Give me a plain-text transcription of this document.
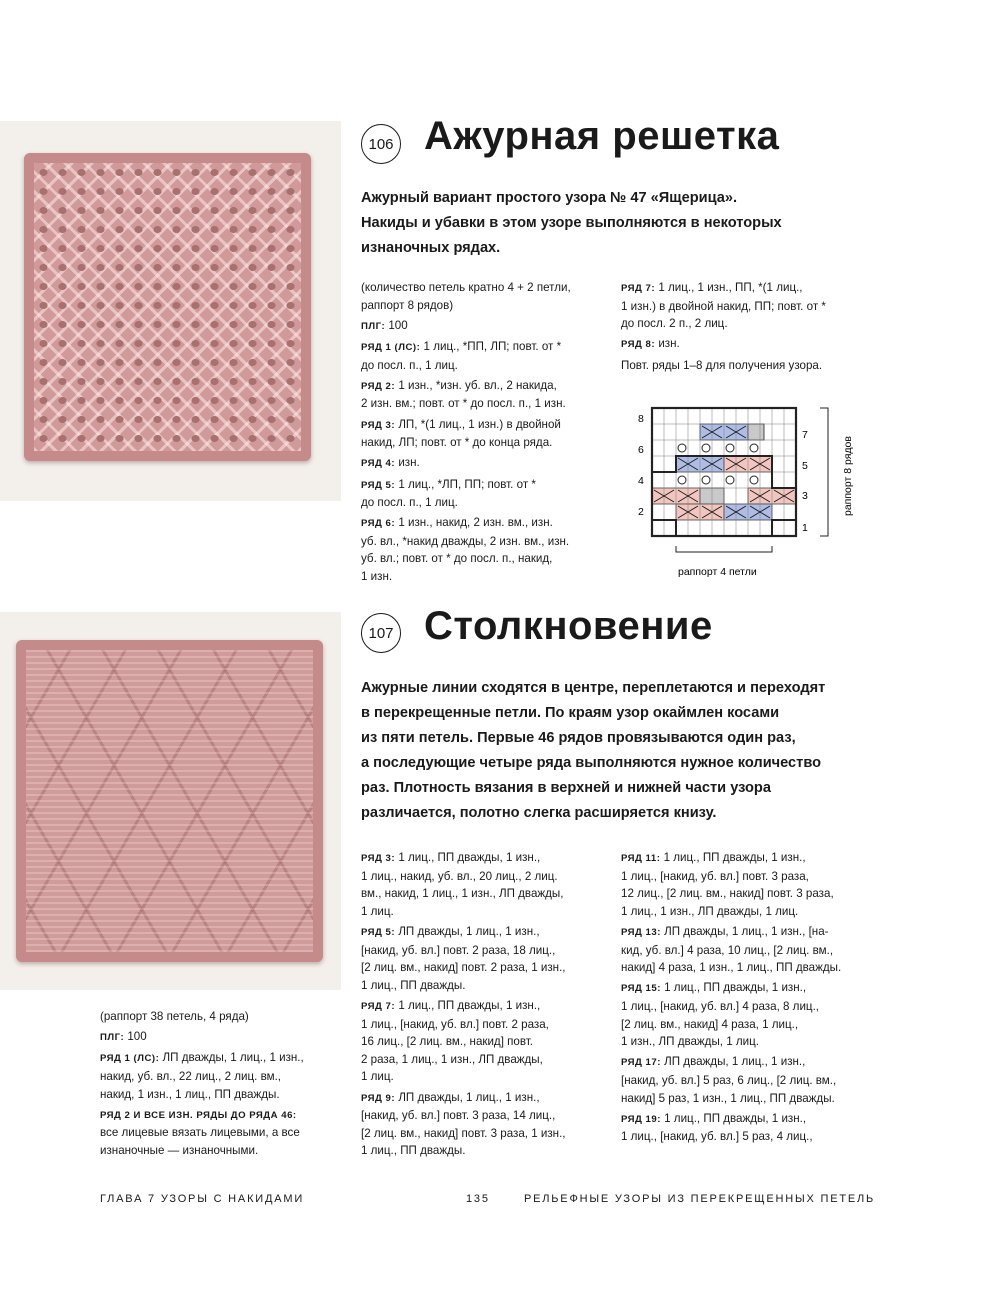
106 Ажурная решетка
Ажурный вариант простого узора № 47 «Ящерица».
Накиды и убавки в этом узоре выполняются в некоторых
изнаночных рядах.

(количество петель кратно 4 + 2 петли,
раппорт 8 рядов)

ПЛГ: 100

РЯД 1 (ЛС): 1 лиц., *ПП, ЛП; повт. от *
до посл. п., 1 лиц.

РЯД 2: 1 изн., *изн. уб. вл., 2 накида,
2 изн. вм.; повт. от * до посл. п., 1 изн.

РЯД 3: ЛП, *(1 лиц., 1 изн.) в двойной
накид, ЛП; повт. от * до конца ряда.

РЯД 4: изн.

РЯД 5: 1 лиц., *ЛП, ПП; повт. от *
до посл. п., 1 лиц.

РЯД 6: 1 изн., накид, 2 изн. вм., изн.
уб. вл., *накид дважды, 2 изн. вм., изн.
уб. вл.; повт. от * до посл. п., накид,
1 изн.

РЯД 7: 1 лиц., 1 изн., ПП, *(1 лиц.,
1 изн.) в двойной накид, ПП; повт. от *
до посл. 2 п., 2 лиц.

РЯД 8: изн.

Повт. ряды 1–8 для получения узора.

8
6
4
2
7
5
3
1
раппорт 8 рядов
раппорт 4 петли
107 Столкновение
Ажурные линии сходятся в центре, переплетаются и переходят
в перекрещенные петли. По краям узор окаймлен косами
из пяти петель. Первые 46 рядов провязываются один раз,
а последующие четыре ряда выполняются нужное количество
раз. Плотность вязания в верхней и нижней части узора
различается, полотно слегка расширяется книзу.

(раппорт 38 петель, 4 ряда)

ПЛГ: 100

РЯД 1 (ЛС): ЛП дважды, 1 лиц., 1 изн.,
накид, уб. вл., 22 лиц., 2 лиц. вм.,
накид, 1 изн., 1 лиц., ПП дважды.

РЯД 2 И ВСЕ ИЗН. РЯДЫ ДО РЯДА 46:
все лицевые вязать лицевыми, а все
изнаночные — изнаночными.

РЯД 3: 1 лиц., ПП дважды, 1 изн.,
1 лиц., накид, уб. вл., 20 лиц., 2 лиц.
вм., накид, 1 лиц., 1 изн., ЛП дважды,
1 лиц.

РЯД 5: ЛП дважды, 1 лиц., 1 изн.,
[накид, уб. вл.] повт. 2 раза, 18 лиц.,
[2 лиц. вм., накид] повт. 2 раза, 1 изн.,
1 лиц., ПП дважды.

РЯД 7: 1 лиц., ПП дважды, 1 изн.,
1 лиц., [накид, уб. вл.] повт. 2 раза,
16 лиц., [2 лиц. вм., накид] повт.
2 раза, 1 лиц., 1 изн., ЛП дважды,
1 лиц.

РЯД 9: ЛП дважды, 1 лиц., 1 изн.,
[накид, уб. вл.] повт. 3 раза, 14 лиц.,
[2 лиц. вм., накид] повт. 3 раза, 1 изн.,
1 лиц., ПП дважды.

РЯД 11: 1 лиц., ПП дважды, 1 изн.,
1 лиц., [накид, уб. вл.] повт. 3 раза,
12 лиц., [2 лиц. вм., накид] повт. 3 раза,
1 лиц., 1 изн., ЛП дважды, 1 лиц.

РЯД 13: ЛП дважды, 1 лиц., 1 изн., [на-
кид, уб. вл.] 4 раза, 10 лиц., [2 лиц. вм.,
накид] 4 раза, 1 изн., 1 лиц., ПП дважды.

РЯД 15: 1 лиц., ПП дважды, 1 изн.,
1 лиц., [накид, уб. вл.] 4 раза, 8 лиц.,
[2 лиц. вм., накид] 4 раза, 1 лиц.,
1 изн., ЛП дважды, 1 лиц.

РЯД 17: ЛП дважды, 1 лиц., 1 изн.,
[накид, уб. вл.] 5 раз, 6 лиц., [2 лиц. вм.,
накид] 5 раз, 1 изн., 1 лиц., ПП дважды.

РЯД 19: 1 лиц., ПП дважды, 1 изн.,
1 лиц., [накид, уб. вл.] 5 раз, 4 лиц.,

ГЛАВА 7 УЗОРЫ С НАКИДАМИ	135	РЕЛЬЕФНЫЕ УЗОРЫ ИЗ ПЕРЕКРЕЩЕННЫХ ПЕТЕЛЬ
